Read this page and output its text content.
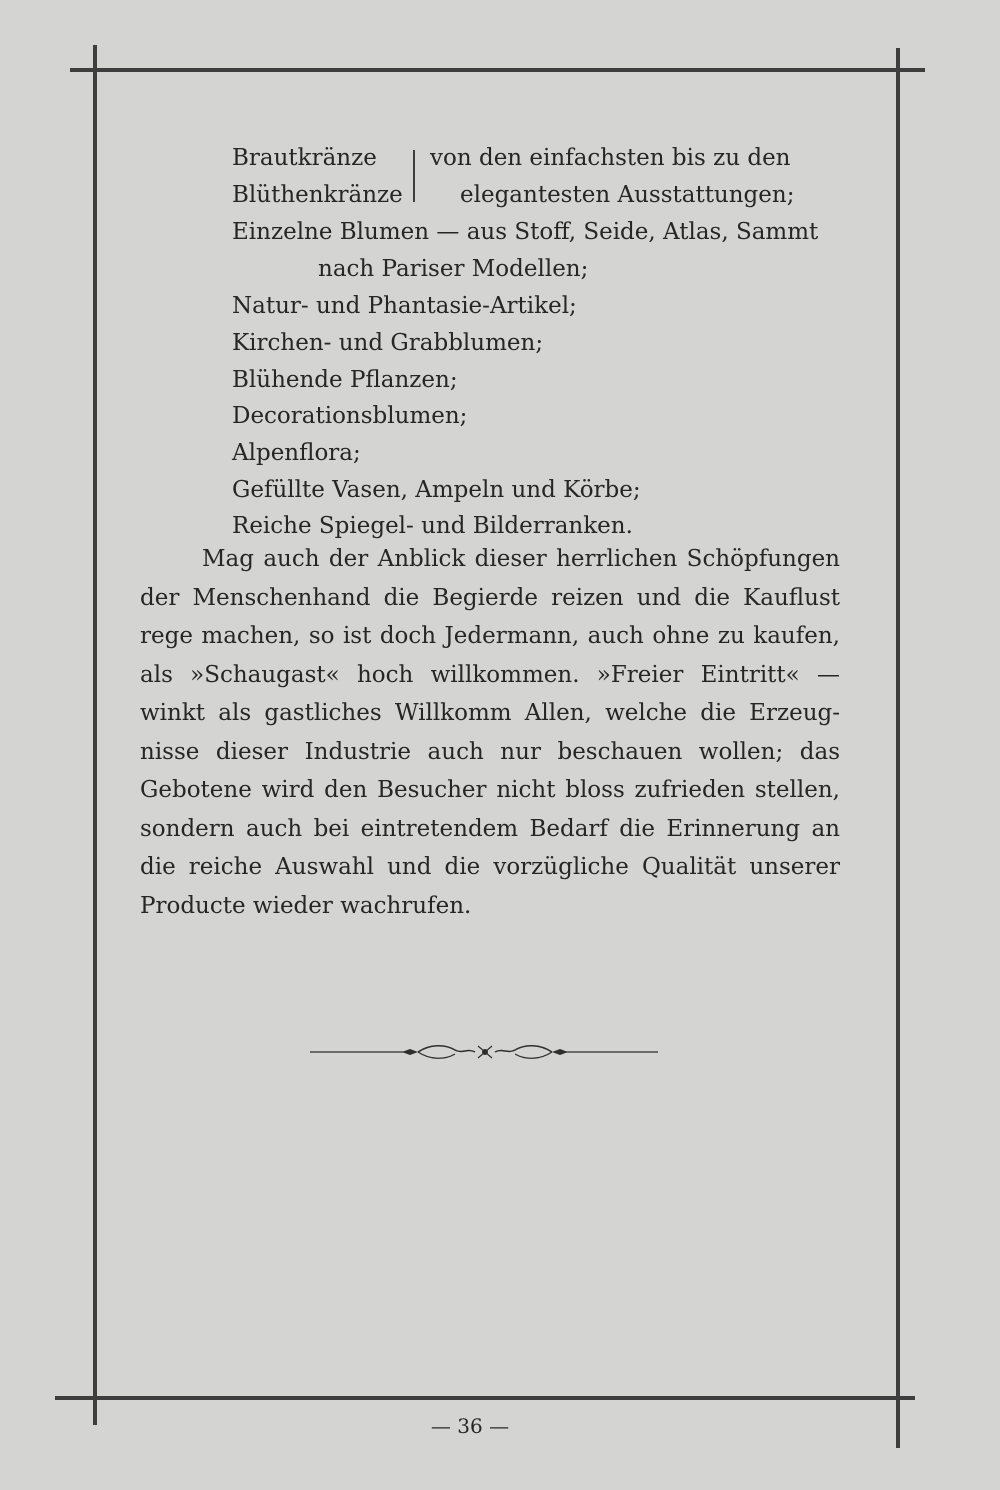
Brautkränze
Blüthenkränze
von den einfachsten bis zu den
elegantesten Ausstattungen;
Einzelne Blumen — aus Stoff, Seide, Atlas, Sammt
nach Pariser Modellen;
Natur- und Phantasie-Artikel;
Kirchen- und Grabblumen;
Blühende Pflanzen;
Decorationsblumen;
Alpenflora;
Gefüllte Vasen, Ampeln und Körbe;
Reiche Spiegel- und Bilderranken.
Mag auch der Anblick dieser herrlichen Schöpfungen
der Menschenhand die Begierde reizen und die Kauflust
rege machen, so ist doch Jedermann, auch ohne zu kaufen,
als »Schaugast« hoch willkommen. »Freier Eintritt« —
winkt als gastliches Willkomm Allen, welche die Erzeug-
nisse dieser Industrie auch nur beschauen wollen; das
Gebotene wird den Besucher nicht bloss zufrieden stellen,
sondern auch bei eintretendem Bedarf die Erinnerung an
die reiche Auswahl und die vorzügliche Qualität unserer
Producte wieder wachrufen.
— 36 —
